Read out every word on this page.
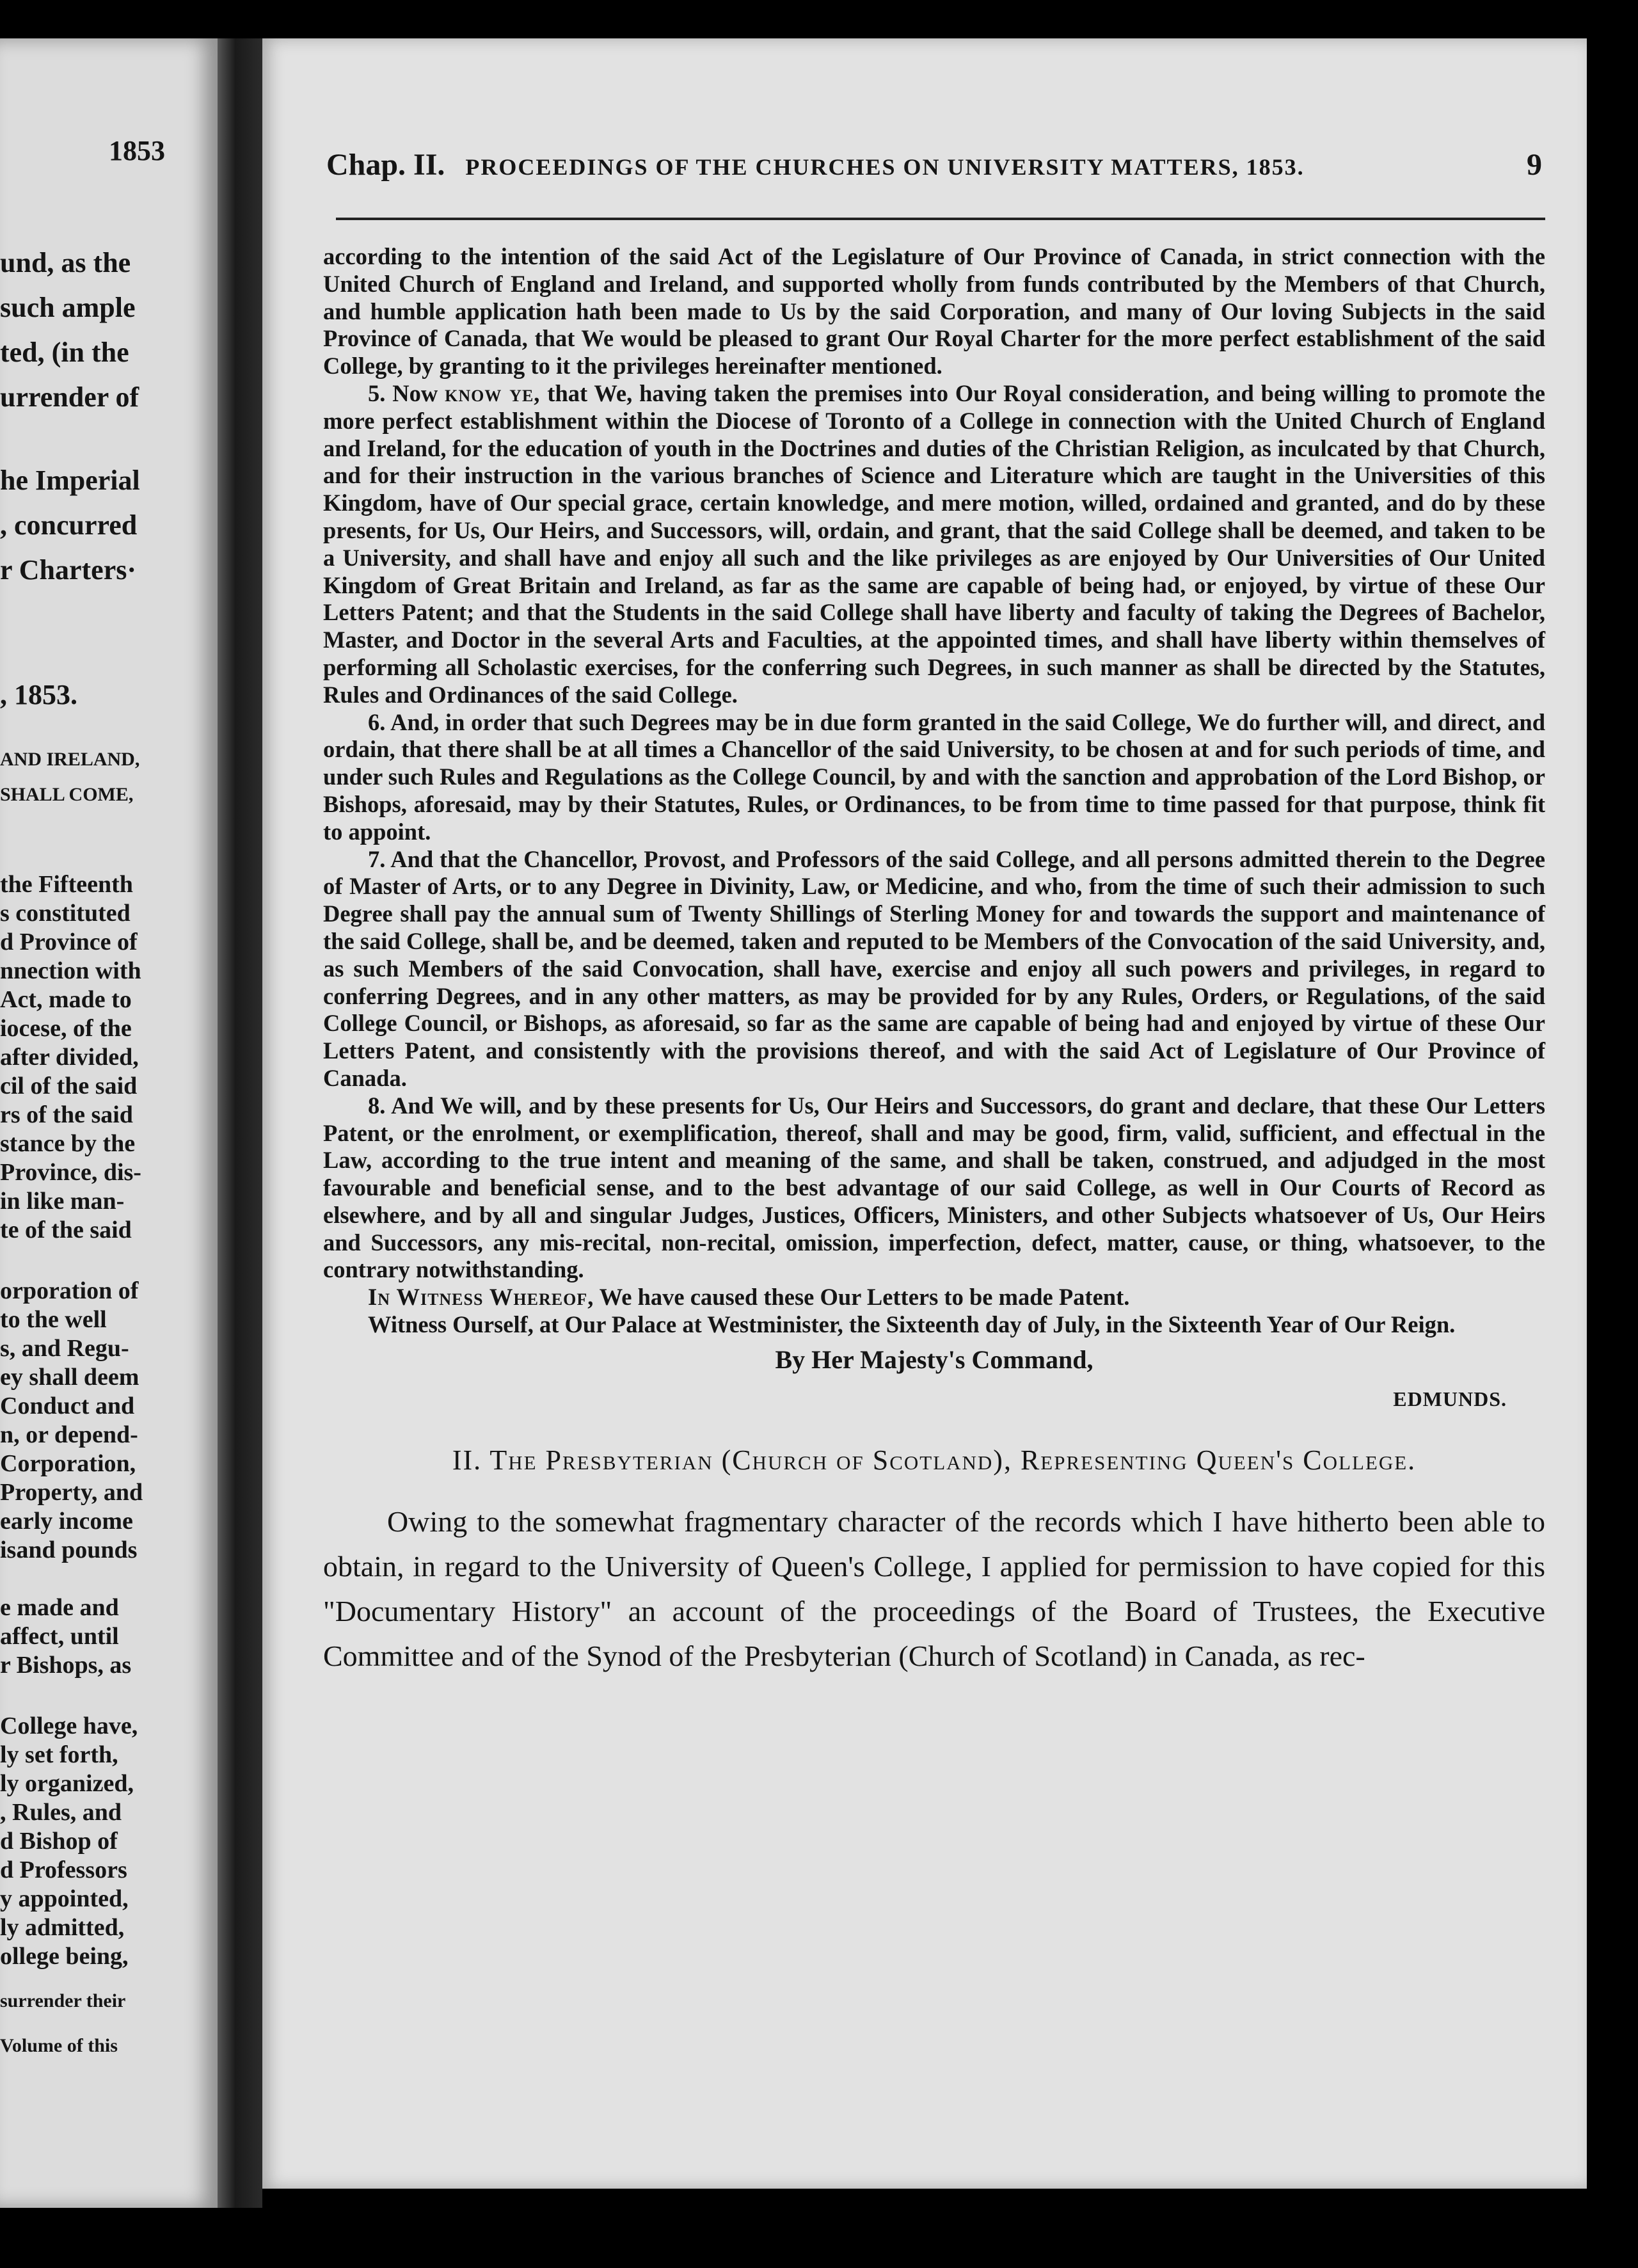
1853
und, as the
such ample
ted, (in the
urrender of
he Imperial
, concurred
r Charters·
, 1853.
AND IRELAND,
SHALL COME,
the Fifteenth
s constituted
d Province of
nnection with
Act, made to
iocese, of the
after divided,
cil of the said
rs of the said
stance by the
Province, dis-
in like man-
te of the said
orporation of
to the well
s, and Regu-
ey shall deem
Conduct and
n, or depend-
Corporation,
Property, and
early income
isand pounds
e made and
affect, until
r Bishops, as
College have,
ly set forth,
ly organized,
, Rules, and
d Bishop of
d Professors
y appointed,
ly admitted,
ollege being,
surrender their
Volume of this
Chap. II. PROCEEDINGS OF THE CHURCHES ON UNIVERSITY MATTERS, 1853.	9

according to the intention of the said Act of the Legislature of Our Province of Canada, in strict connection with the United Church of England and Ireland, and supported wholly from funds contributed by the Members of that Church, and humble application hath been made to Us by the said Corporation, and many of Our loving Subjects in the said Province of Canada, that We would be pleased to grant Our Royal Charter for the more perfect establishment of the said College, by granting to it the privileges hereinafter mentioned.

5. Now know ye, that We, having taken the premises into Our Royal consideration, and being willing to promote the more perfect establishment within the Diocese of Toronto of a College in connection with the United Church of England and Ireland, for the education of youth in the Doctrines and duties of the Christian Religion, as inculcated by that Church, and for their instruction in the various branches of Science and Literature which are taught in the Universities of this Kingdom, have of Our special grace, certain knowledge, and mere motion, willed, ordained and granted, and do by these presents, for Us, Our Heirs, and Successors, will, ordain, and grant, that the said College shall be deemed, and taken to be a University, and shall have and enjoy all such and the like privileges as are enjoyed by Our Universities of Our United Kingdom of Great Britain and Ireland, as far as the same are capable of being had, or enjoyed, by virtue of these Our Letters Patent; and that the Students in the said College shall have liberty and faculty of taking the Degrees of Bachelor, Master, and Doctor in the several Arts and Faculties, at the appointed times, and shall have liberty within themselves of performing all Scholastic exercises, for the conferring such Degrees, in such manner as shall be directed by the Statutes, Rules and Ordinances of the said College.

6. And, in order that such Degrees may be in due form granted in the said College, We do further will, and direct, and ordain, that there shall be at all times a Chancellor of the said University, to be chosen at and for such periods of time, and under such Rules and Regulations as the College Council, by and with the sanction and approbation of the Lord Bishop, or Bishops, aforesaid, may by their Statutes, Rules, or Ordinances, to be from time to time passed for that purpose, think fit to appoint.

7. And that the Chancellor, Provost, and Professors of the said College, and all persons admitted therein to the Degree of Master of Arts, or to any Degree in Divinity, Law, or Medicine, and who, from the time of such their admission to such Degree shall pay the annual sum of Twenty Shillings of Sterling Money for and towards the support and maintenance of the said College, shall be, and be deemed, taken and reputed to be Members of the Convocation of the said University, and, as such Members of the said Convocation, shall have, exercise and enjoy all such powers and privileges, in regard to conferring Degrees, and in any other matters, as may be provided for by any Rules, Orders, or Regulations, of the said College Council, or Bishops, as aforesaid, so far as the same are capable of being had and enjoyed by virtue of these Our Letters Patent, and consistently with the provisions thereof, and with the said Act of Legislature of Our Province of Canada.

8. And We will, and by these presents for Us, Our Heirs and Successors, do grant and declare, that these Our Letters Patent, or the enrolment, or exemplification, thereof, shall and may be good, firm, valid, sufficient, and effectual in the Law, according to the true intent and meaning of the same, and shall be taken, construed, and adjudged in the most favourable and beneficial sense, and to the best advantage of our said College, as well in Our Courts of Record as elsewhere, and by all and singular Judges, Justices, Officers, Ministers, and other Subjects whatsoever of Us, Our Heirs and Successors, any mis-recital, non-recital, omission, imperfection, defect, matter, cause, or thing, whatsoever, to the contrary notwithstanding.

In Witness Whereof, We have caused these Our Letters to be made Patent.

Witness Ourself, at Our Palace at Westminister, the Sixteenth day of July, in the Sixteenth Year of Our Reign.

By Her Majesty's Command,

EDMUNDS.

II. The Presbyterian (Church of Scotland), Representing Queen's College.

Owing to the somewhat fragmentary character of the records which I have hitherto been able to obtain, in regard to the University of Queen's College, I applied for permission to have copied for this "Documentary History" an account of the proceedings of the Board of Trustees, the Executive Committee and of the Synod of the Presbyterian (Church of Scotland) in Canada, as rec-
